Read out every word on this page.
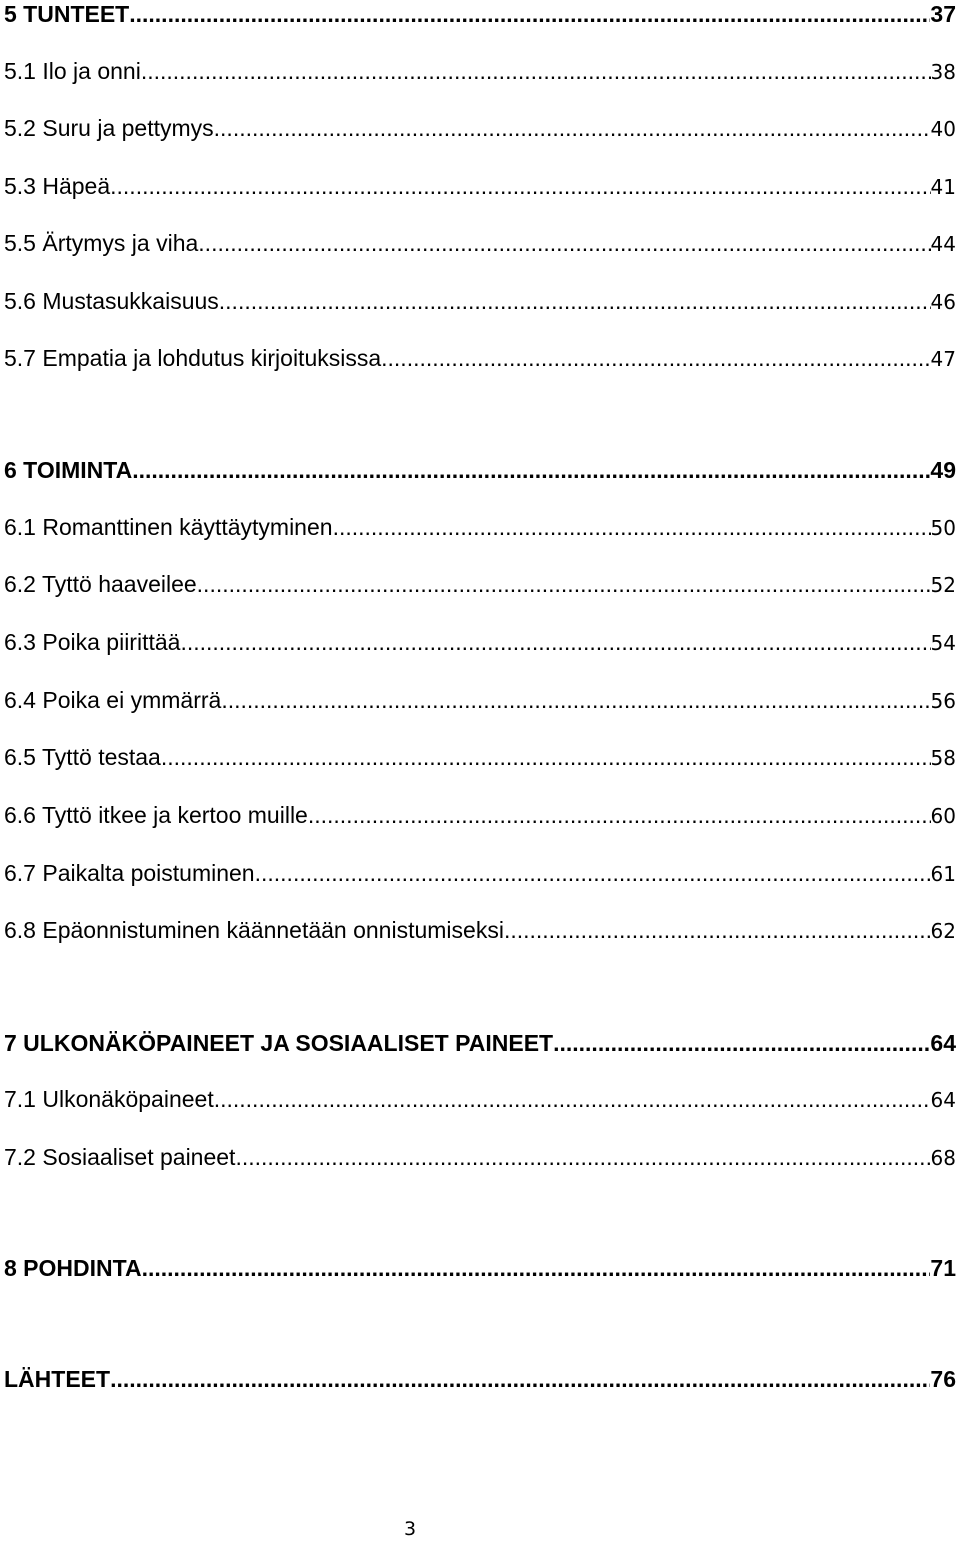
5 TUNTEET .....	37
5.1 Ilo ja onni .....	38
5.2 Suru ja pettymys .....	40
5.3 Häpeä .....	41
5.5 Ärtymys ja viha .....	44
5.6 Mustasukkaisuus .....	46
5.7 Empatia ja lohdutus kirjoituksissa .....	47
6 TOIMINTA .....	49
6.1 Romanttinen käyttäytyminen .....	50
6.2 Tyttö haaveilee .....	52
6.3 Poika piirittää .....	54
6.4 Poika ei ymmärrä .....	56
6.5 Tyttö testaa .....	58
6.6 Tyttö itkee ja kertoo muille .....	60
6.7 Paikalta poistuminen .....	61
6.8 Epäonnistuminen käännetään onnistumiseksi .....	62
7 ULKONÄKÖPAINEET JA SOSIAALISET PAINEET .....	64
7.1 Ulkonäköpaineet .....	64
7.2 Sosiaaliset paineet .....	68
8 POHDINTA .....	71
LÄHTEET .....	76
3
